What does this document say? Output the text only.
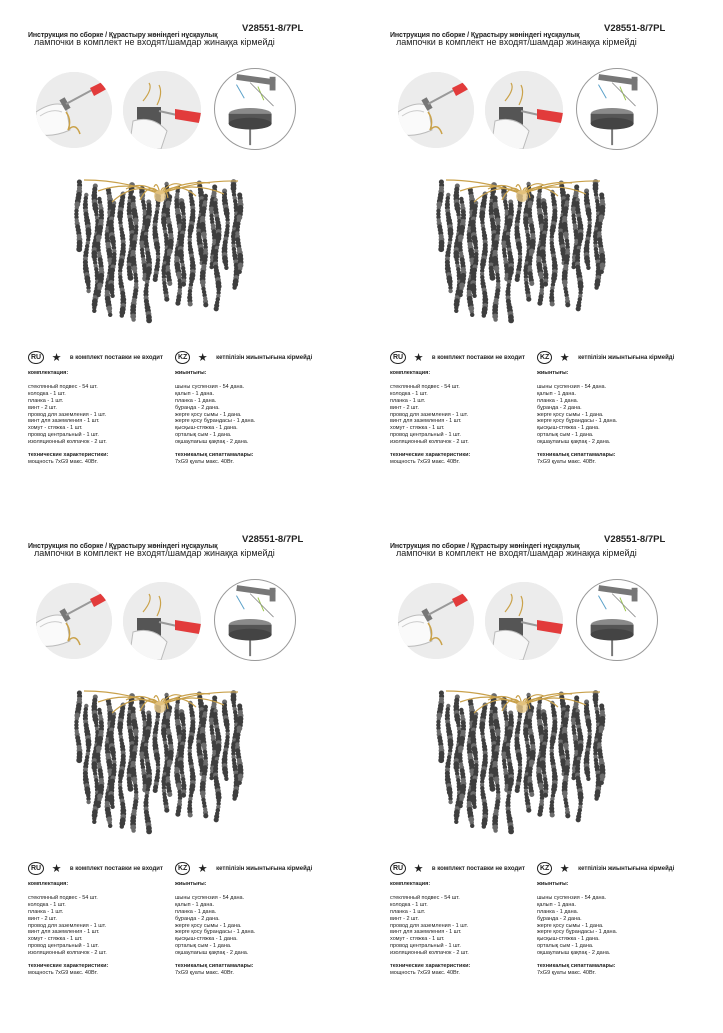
Инструкция по сборке / Құрастыру жөніндегі нұсқаулық
V28551-8/7PL
лампочки в комплект не входят/шамдар жинаққа кірмейді
RU ★ в комплект поставки не входит	KZ ★ кетпілізін жиынтығына кірмейді
комплектация:
стеклянный подвес - 54 шт.
колодка - 1 шт.
планка - 1 шт.
винт - 2 шт.
провод для заземления - 1 шт.
винт для заземления - 1 шт.
хомут - стяжка - 1 шт.
провод центральный - 1 шт.
изоляционный колпачок - 2 шт.
технические характеристики:
мощность 7xG9 макс. 40Вт.
жиынтығы:
шыны суспензия - 54 дана.
қалып - 1 дана.
планка - 1 дана.
бұранда - 2 дана.
жерге қосу сымы - 1 дана.
жерге қосу бұрандасы - 1 дана.
қысқыш-стяжка - 1 дана.
орталық сым - 1 дана.
оқшаулағыш қақпақ - 2 дана.
техникалық сипаттамалары:
7xG9 қуаты макс. 40Вт.
Инструкция по сборке / Құрастыру жөніндегі нұсқаулық
V28551-8/7PL
лампочки в комплект не входят/шамдар жинаққа кірмейді
RU ★ в комплект поставки не входит	KZ ★ кетпілізін жиынтығына кірмейді
комплектация:
стеклянный подвес - 54 шт.
колодка - 1 шт.
планка - 1 шт.
винт - 2 шт.
провод для заземления - 1 шт.
винт для заземления - 1 шт.
хомут - стяжка - 1 шт.
провод центральный - 1 шт.
изоляционный колпачок - 2 шт.
технические характеристики:
мощность 7xG9 макс. 40Вт.
жиынтығы:
шыны суспензия - 54 дана.
қалып - 1 дана.
планка - 1 дана.
бұранда - 2 дана.
жерге қосу сымы - 1 дана.
жерге қосу бұрандасы - 1 дана.
қысқыш-стяжка - 1 дана.
орталық сым - 1 дана.
оқшаулағыш қақпақ - 2 дана.
техникалық сипаттамалары:
7xG9 қуаты макс. 40Вт.
Инструкция по сборке / Құрастыру жөніндегі нұсқаулық
V28551-8/7PL
лампочки в комплект не входят/шамдар жинаққа кірмейді
RU ★ в комплект поставки не входит	KZ ★ кетпілізін жиынтығына кірмейді
комплектация:
стеклянный подвес - 54 шт.
колодка - 1 шт.
планка - 1 шт.
винт - 2 шт.
провод для заземления - 1 шт.
винт для заземления - 1 шт.
хомут - стяжка - 1 шт.
провод центральный - 1 шт.
изоляционный колпачок - 2 шт.
технические характеристики:
мощность 7xG9 макс. 40Вт.
жиынтығы:
шыны суспензия - 54 дана.
қалып - 1 дана.
планка - 1 дана.
бұранда - 2 дана.
жерге қосу сымы - 1 дана.
жерге қосу бұрандасы - 1 дана.
қысқыш-стяжка - 1 дана.
орталық сым - 1 дана.
оқшаулағыш қақпақ - 2 дана.
техникалық сипаттамалары:
7xG9 қуаты макс. 40Вт.
Инструкция по сборке / Құрастыру жөніндегі нұсқаулық
V28551-8/7PL
лампочки в комплект не входят/шамдар жинаққа кірмейді
RU ★ в комплект поставки не входит	KZ ★ кетпілізін жиынтығына кірмейді
комплектация:
стеклянный подвес - 54 шт.
колодка - 1 шт.
планка - 1 шт.
винт - 2 шт.
провод для заземления - 1 шт.
винт для заземления - 1 шт.
хомут - стяжка - 1 шт.
провод центральный - 1 шт.
изоляционный колпачок - 2 шт.
технические характеристики:
мощность 7xG9 макс. 40Вт.
жиынтығы:
шыны суспензия - 54 дана.
қалып - 1 дана.
планка - 1 дана.
бұранда - 2 дана.
жерге қосу сымы - 1 дана.
жерге қосу бұрандасы - 1 дана.
қысқыш-стяжка - 1 дана.
орталық сым - 1 дана.
оқшаулағыш қақпақ - 2 дана.
техникалық сипаттамалары:
7xG9 қуаты макс. 40Вт.
